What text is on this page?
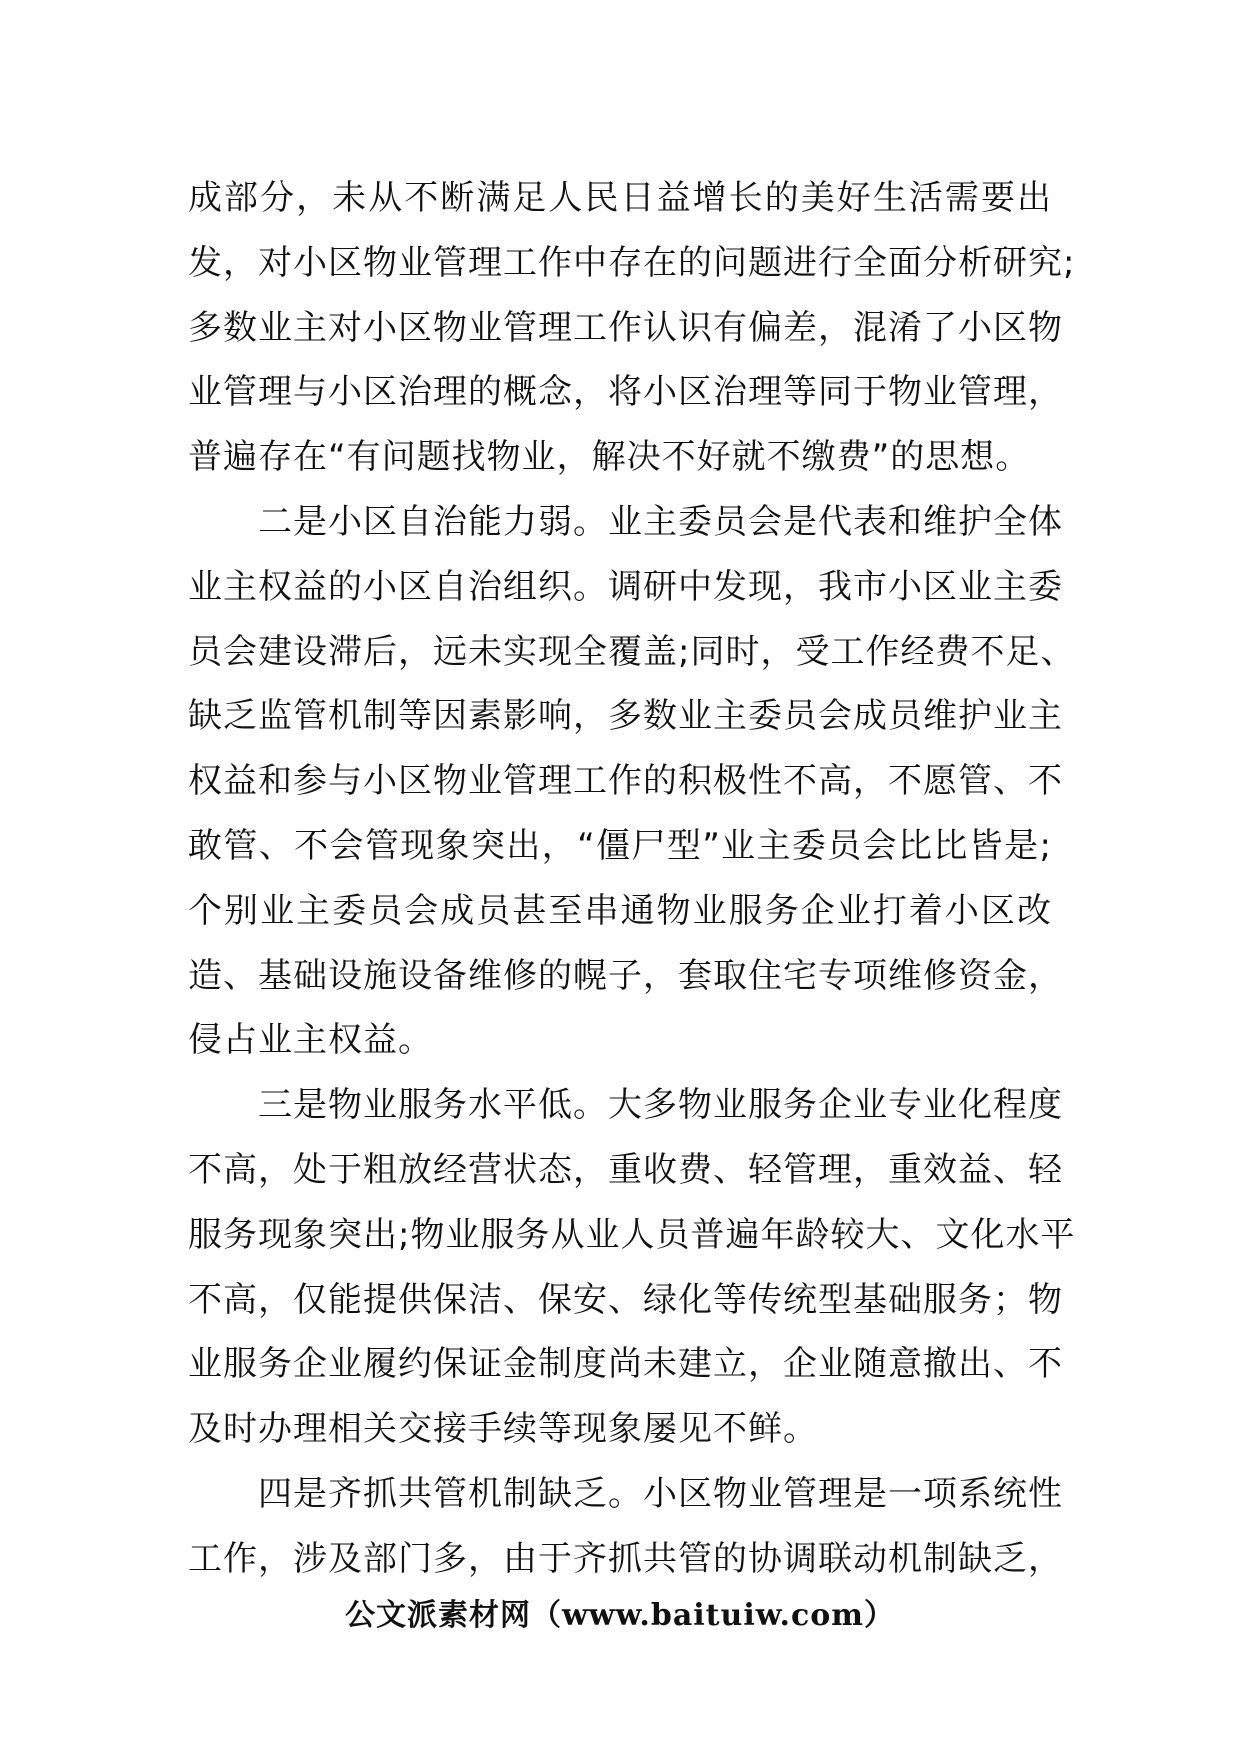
成部分，未从不断满足人民日益增长的美好生活需要出
发，对小区物业管理工作中存在的问题进行全面分析研究;
多数业主对小区物业管理工作认识有偏差，混淆了小区物
业管理与小区治理的概念，将小区治理等同于物业管理，
普遍存在“有问题找物业，解决不好就不缴费”的思想。
二是小区自治能力弱。业主委员会是代表和维护全体
业主权益的小区自治组织。调研中发现，我市小区业主委
员会建设滞后，远未实现全覆盖;同时，受工作经费不足、
缺乏监管机制等因素影响，多数业主委员会成员维护业主
权益和参与小区物业管理工作的积极性不高，不愿管、不
敢管、不会管现象突出，“僵尸型”业主委员会比比皆是;
个别业主委员会成员甚至串通物业服务企业打着小区改
造、基础设施设备维修的幌子，套取住宅专项维修资金，
侵占业主权益。
三是物业服务水平低。大多物业服务企业专业化程度
不高，处于粗放经营状态，重收费、轻管理，重效益、轻
服务现象突出;物业服务从业人员普遍年龄较大、文化水平
不高，仅能提供保洁、保安、绿化等传统型基础服务；物
业服务企业履约保证金制度尚未建立，企业随意撤出、不
及时办理相关交接手续等现象屡见不鲜。
四是齐抓共管机制缺乏。小区物业管理是一项系统性
工作，涉及部门多，由于齐抓共管的协调联动机制缺乏，
公文派素材网（www.baituiw.com）
